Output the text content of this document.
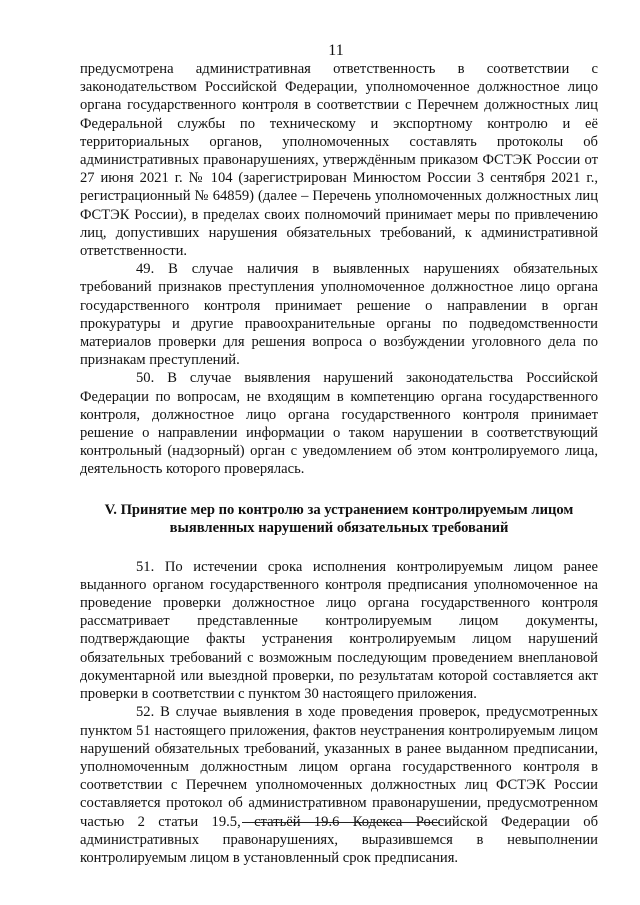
11

предусмотрена административная ответственность в соответствии с законодательством Российской Федерации, уполномоченное должностное лицо органа государственного контроля в соответствии с Перечнем должностных лиц Федеральной службы по техническому и экспортному контролю и её территориальных органов, уполномоченных составлять протоколы об административных правонарушениях, утверждённым приказом ФСТЭК России от 27 июня 2021 г. № 104 (зарегистрирован Минюстом России 3 сентября 2021 г., регистрационный № 64859) (далее – Перечень уполномоченных должностных лиц ФСТЭК России), в пределах своих полномочий принимает меры по привлечению лиц, допустивших нарушения обязательных требований, к административной ответственности.

49. В случае наличия в выявленных нарушениях обязательных требований признаков преступления уполномоченное должностное лицо органа государственного контроля принимает решение о направлении в орган прокуратуры и другие правоохранительные органы по подведомственности материалов проверки для решения вопроса о возбуждении уголовного дела по признакам преступлений.

50. В случае выявления нарушений законодательства Российской Федерации по вопросам, не входящим в компетенцию органа государственного контроля, должностное лицо органа государственного контроля принимает решение о направлении информации о таком нарушении в соответствующий контрольный (надзорный) орган с уведомлением об этом контролируемого лица, деятельность которого проверялась.

V. Принятие мер по контролю за устранением контролируемым лицом выявленных нарушений обязательных требований

51. По истечении срока исполнения контролируемым лицом ранее выданного органом государственного контроля предписания уполномоченное на проведение проверки должностное лицо органа государственного контроля рассматривает представленные контролируемым лицом документы, подтверждающие факты устранения контролируемым лицом нарушений обязательных требований с возможным последующим проведением внеплановой документарной или выездной проверки, по результатам которой составляется акт проверки в соответствии с пунктом 30 настоящего приложения.

52. В случае выявления в ходе проведения проверок, предусмотренных пунктом 51 настоящего приложения, фактов неустранения контролируемым лицом нарушений обязательных требований, указанных в ранее выданном предписании, уполномоченным должностным лицом органа государственного контроля в соответствии с Перечнем уполномоченных должностных лиц ФСТЭК России составляется протокол об административном правонарушении, предусмотренном частью 2 статьи 19.5, статьёй 19.6 Кодекса Российской Федерации об административных правонарушениях, выразившемся в невыполнении контролируемым лицом в установленный срок предписания.
